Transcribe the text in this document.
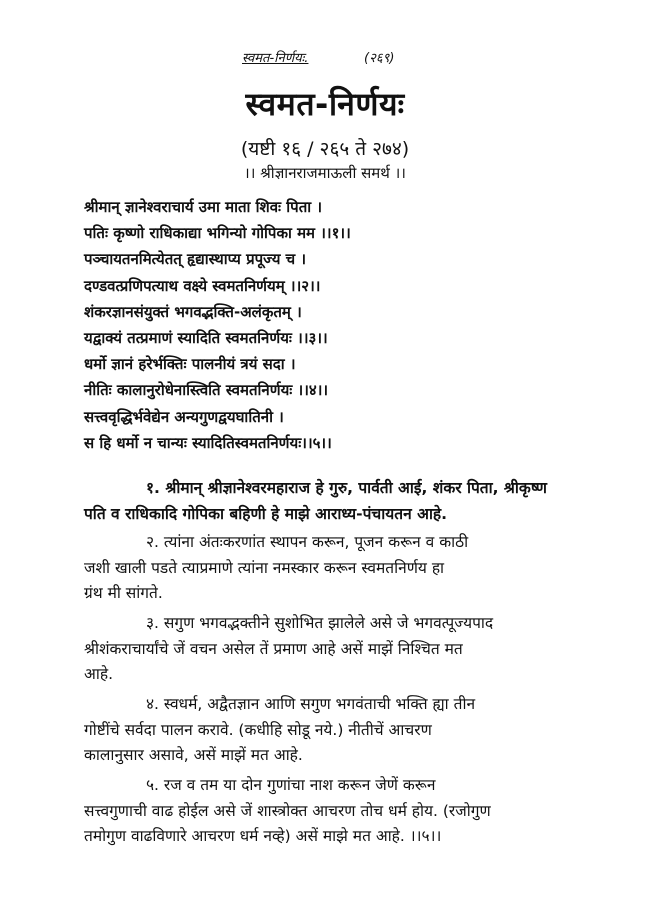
स्वमत-निर्णयः.	(२६९)
स्वमत-निर्णयः
(यष्टी १६ / २६५ ते २७४)
।। श्रीज्ञानराजमाऊली समर्थ ।।
श्रीमान् ज्ञानेश्वराचार्य उमा माता शिवः पिता ।
पतिः कृष्णो राधिकाद्या भगिन्यो गोपिका मम ।।१।।
पञ्चायतनमित्येतत् हृद्यास्थाप्य प्रपूज्य च ।
दण्डवत्प्रणिपत्याथ वक्ष्ये स्वमतनिर्णयम् ।।२।।
शंकरज्ञानसंयुक्तं भगवद्भक्ति-अलंकृतम् ।
यद्वाक्यं तत्प्रमाणं स्यादिति स्वमतनिर्णयः ।।३।।
धर्मो ज्ञानं हरेर्भक्तिः पालनीयं त्रयं सदा ।
नीतिः कालानुरोधेनास्त्विति स्वमतनिर्णयः ।।४।।
सत्त्ववृद्धिर्भवेद्येन अन्यगुणद्वयघातिनी ।
स हि धर्मो न चान्यः स्यादितिस्वमतनिर्णयः।।५।।
१. श्रीमान् श्रीज्ञानेश्वरमहाराज हे गुरु, पार्वती आई, शंकर पिता, श्रीकृष्ण
पति व राधिकादि गोपिका बहिणी हे माझे आराध्य-पंचायतन आहे.
२. त्यांना अंतःकरणांत स्थापन करून, पूजन करून व काठी
जशी खाली पडते त्याप्रमाणे त्यांना नमस्कार करून स्वमतनिर्णय हा
ग्रंथ मी सांगते.
३. सगुण भगवद्भक्तीने सुशोभित झालेले असे जे भगवत्पूज्यपाद
श्रीशंकराचार्यांचे जें वचन असेल तें प्रमाण आहे असें माझें निश्चित मत
आहे.
४. स्वधर्म, अद्वैतज्ञान आणि सगुण भगवंताची भक्ति ह्या तीन
गोष्टींचे सर्वदा पालन करावे. (कधीहि सोडू नये.) नीतीचें आचरण
कालानुसार असावे, असें माझें मत आहे.
५. रज व तम या दोन गुणांचा नाश करून जेणें करून
सत्त्वगुणाची वाढ होईल असे जें शास्त्रोक्त आचरण तोच धर्म होय. (रजोगुण
तमोगुण वाढविणारे आचरण धर्म नव्हे) असें माझे मत आहे. ।।५।।
